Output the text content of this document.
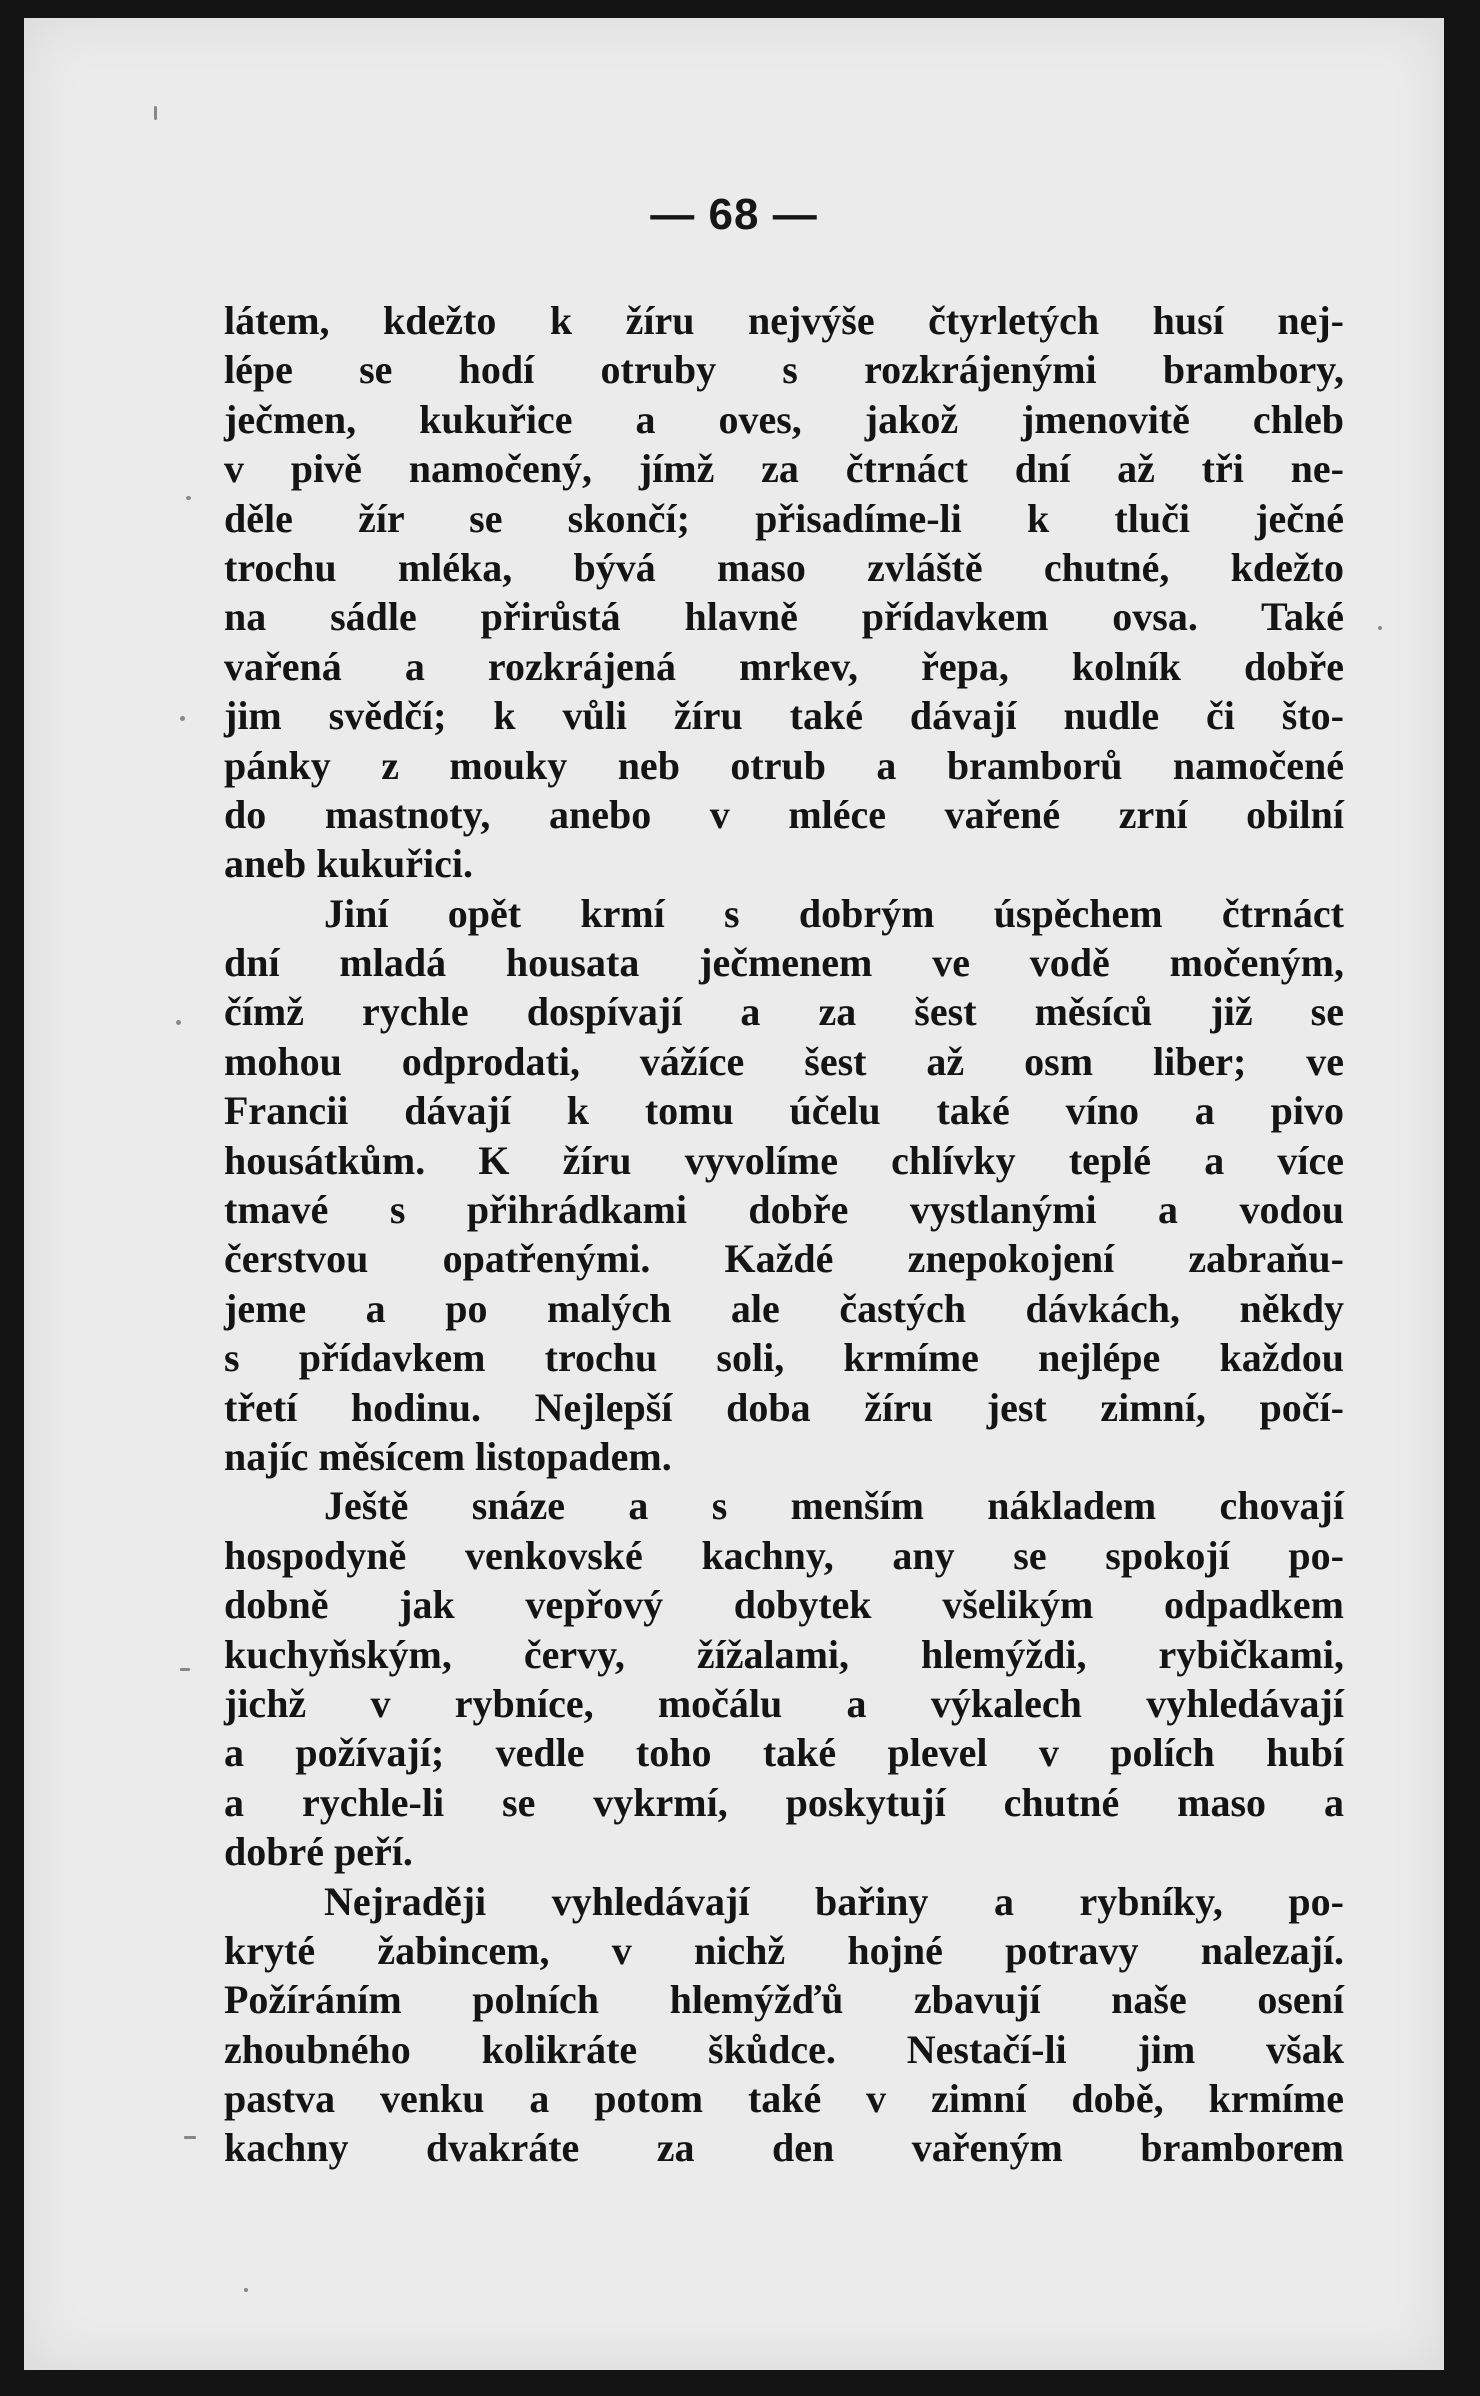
— 68 —
látem, kdežto k žíru nejvýše čtyrletých husí nej-
lépe se hodí otruby s rozkrájenými brambory,
ječmen, kukuřice a oves, jakož jmenovitě chleb
v pivě namočený, jímž za čtrnáct dní až tři ne-
děle žír se skončí; přisadíme-li k tluči ječné
trochu mléka, bývá maso zvláště chutné, kdežto
na sádle přirůstá hlavně přídavkem ovsa. Také
vařená a rozkrájená mrkev, řepa, kolník dobře
jim svědčí; k vůli žíru také dávají nudle či što-
pánky z mouky neb otrub a bramborů namočené
do mastnoty, anebo v mléce vařené zrní obilní
aneb kukuřici.
Jiní opět krmí s dobrým úspěchem čtrnáct
dní mladá housata ječmenem ve vodě močeným,
čímž rychle dospívají a za šest měsíců již se
mohou odprodati, vážíce šest až osm liber; ve
Francii dávají k tomu účelu také víno a pivo
housátkům. K žíru vyvolíme chlívky teplé a více
tmavé s přihrádkami dobře vystlanými a vodou
čerstvou opatřenými. Každé znepokojení zabraňu-
jeme a po malých ale častých dávkách, někdy
s přídavkem trochu soli, krmíme nejlépe každou
třetí hodinu. Nejlepší doba žíru jest zimní, počí-
najíc měsícem listopadem.
Ještě snáze a s menším nákladem chovají
hospodyně venkovské kachny, any se spokojí po-
dobně jak vepřový dobytek všelikým odpadkem
kuchyňským, červy, žížalami, hlemýždi, rybičkami,
jichž v rybníce, močálu a výkalech vyhledávají
a požívají; vedle toho také plevel v polích hubí
a rychle-li se vykrmí, poskytují chutné maso a
dobré peří.
Nejraději vyhledávají bařiny a rybníky, po-
kryté žabincem, v nichž hojné potravy nalezají.
Požíráním polních hlemýžďů zbavují naše osení
zhoubného kolikráte škůdce. Nestačí-li jim však
pastva venku a potom také v zimní době, krmíme
kachny dvakráte za den vařeným bramborem
